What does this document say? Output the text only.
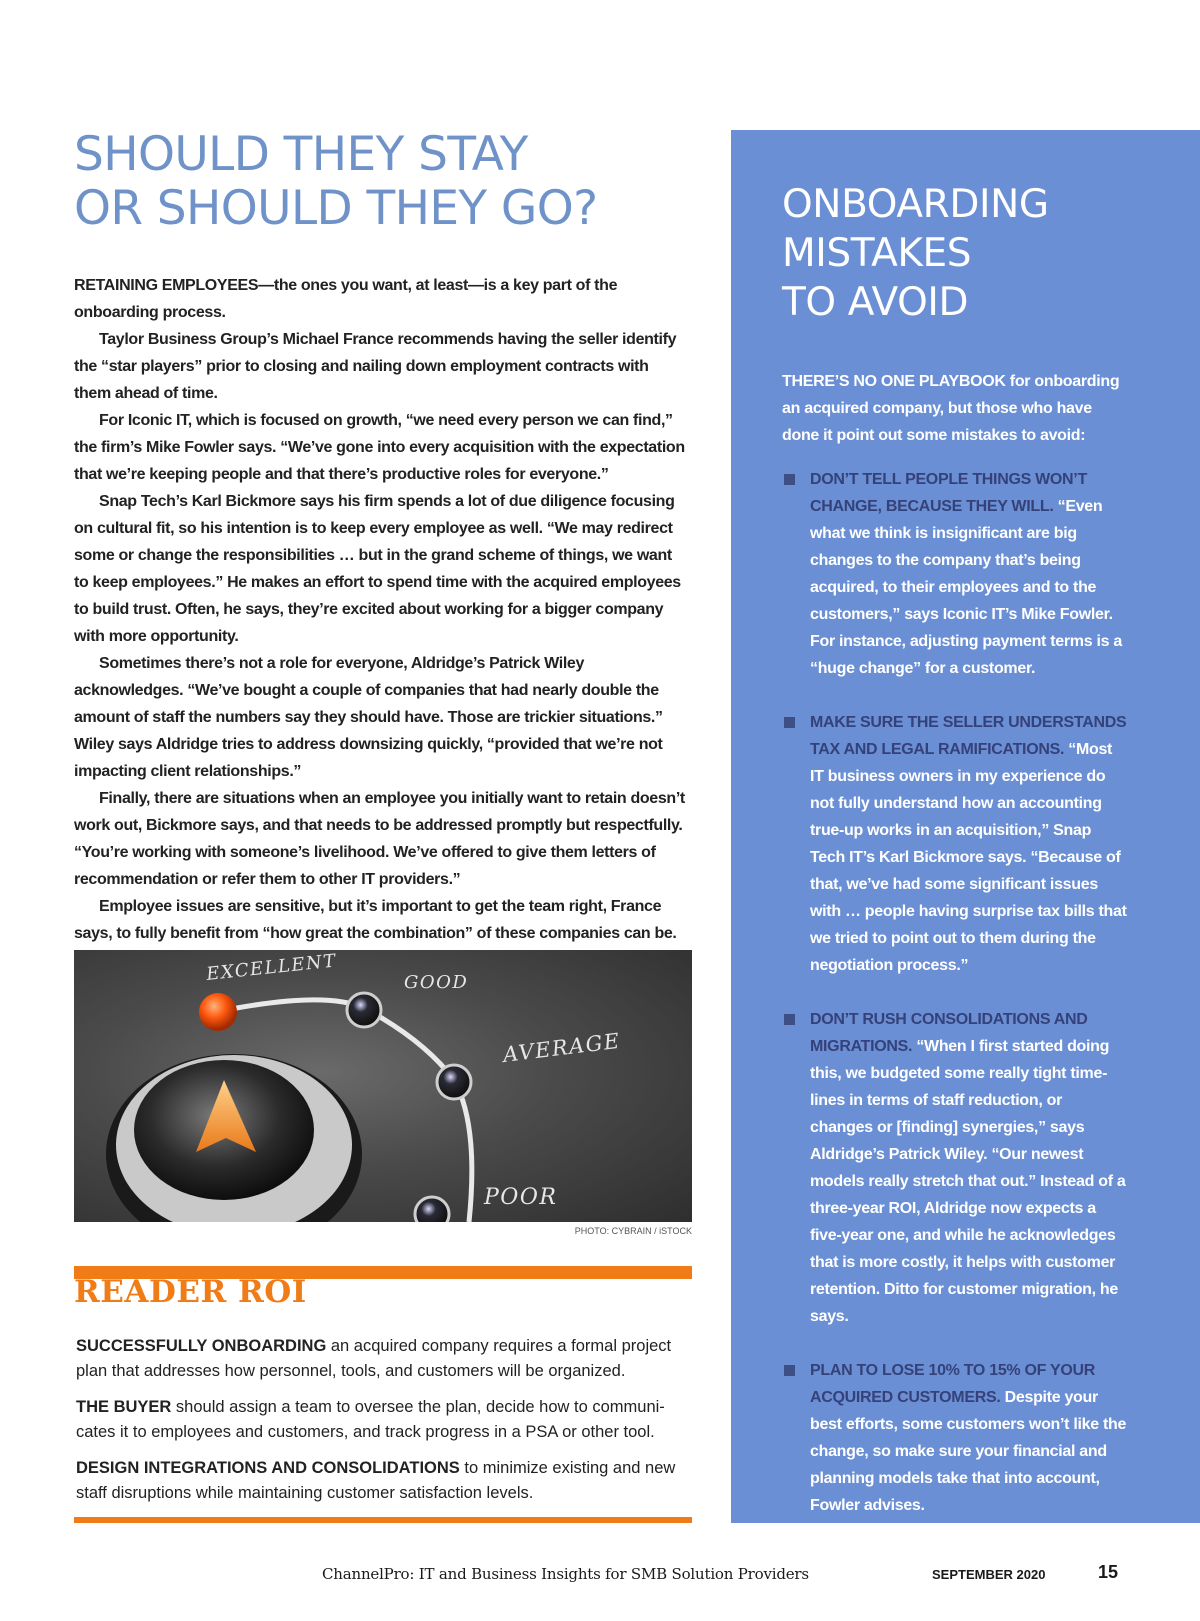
SHOULD THEY STAY
OR SHOULD THEY GO?

RETAINING EMPLOYEES—the ones you want, at least—is a key part of the onboarding process.

Taylor Business Group’s Michael France recommends having the seller identify the “star players” prior to closing and nailing down employment contracts with them ahead of time.

For Iconic IT, which is focused on growth, “we need every person we can find,” the firm’s Mike Fowler says. “We’ve gone into every acquisition with the expectation that we’re keeping people and that there’s productive roles for everyone.”

Snap Tech’s Karl Bickmore says his firm spends a lot of due diligence focusing on cultural fit, so his intention is to keep every employee as well. “We may redirect some or change the responsibilities … but in the grand scheme of things, we want to keep employees.” He makes an effort to spend time with the acquired employees to build trust. Often, he says, they’re excited about working for a bigger company with more opportunity.

Sometimes there’s not a role for everyone, Aldridge’s Patrick Wiley acknowledges. “We’ve bought a couple of companies that had nearly double the amount of staff the numbers say they should have. Those are trickier situations.” Wiley says Aldridge tries to address downsizing quickly, “provided that we’re not impacting client relationships.”

Finally, there are situations when an employee you initially want to retain doesn’t work out, Bickmore says, and that needs to be addressed promptly but respectfully. “You’re working with someone’s livelihood. We’ve offered to give them letters of recommendation or refer them to other IT providers.”

Employee issues are sensitive, but it’s important to get the team right, France says, to fully benefit from “how great the combination” of these companies can be.

EXCELLENT	GOOD
AVERAGE
POOR
PHOTO: CYBRAIN / iSTOCK
READER ROI

SUCCESSFULLY ONBOARDING an acquired company requires a formal project plan that addresses how personnel, tools, and customers will be organized.

THE BUYER should assign a team to oversee the plan, decide how to communicates it to employees and customers, and track progress in a PSA or other tool.

DESIGN INTEGRATIONS AND CONSOLIDATIONS to minimize existing and new staff disruptions while maintaining customer satisfaction levels.

ONBOARDING
MISTAKES
TO AVOID

THERE’S NO ONE PLAYBOOK for onboarding an acquired company, but those who have done it point out some mistakes to avoid:

DON’T TELL PEOPLE THINGS WON’T CHANGE, BECAUSE THEY WILL. “Even what we think is insignificant are big changes to the company that’s being acquired, to their employees and to the customers,” says Iconic IT’s Mike Fowler. For instance, adjusting payment terms is a “huge change” for a customer.
MAKE SURE THE SELLER UNDERSTANDS TAX AND LEGAL RAMIFICATIONS. “Most IT business owners in my experience do not fully understand how an accounting true-up works in an acquisition,” Snap Tech IT’s Karl Bickmore says. “Because of that, we’ve had some significant issues with … people having surprise tax bills that we tried to point out to them during the negotiation process.”
DON’T RUSH CONSOLIDATIONS AND MIGRATIONS. “When I first started doing this, we budgeted some really tight timelines in terms of staff reduction, or changes or [finding] synergies,” says Aldridge’s Patrick Wiley. “Our newest models really stretch that out.” Instead of a three-year ROI, Aldridge now expects a five-year one, and while he acknowledges that is more costly, it helps with customer retention. Ditto for customer migration, he says.
PLAN TO LOSE 10% TO 15% OF YOUR ACQUIRED CUSTOMERS. Despite your best efforts, some customers won’t like the change, so make sure your financial and planning models take that into account, Fowler advises.
ChannelPro: IT and Business Insights for SMB Solution Providers	SEPTEMBER 2020	15
